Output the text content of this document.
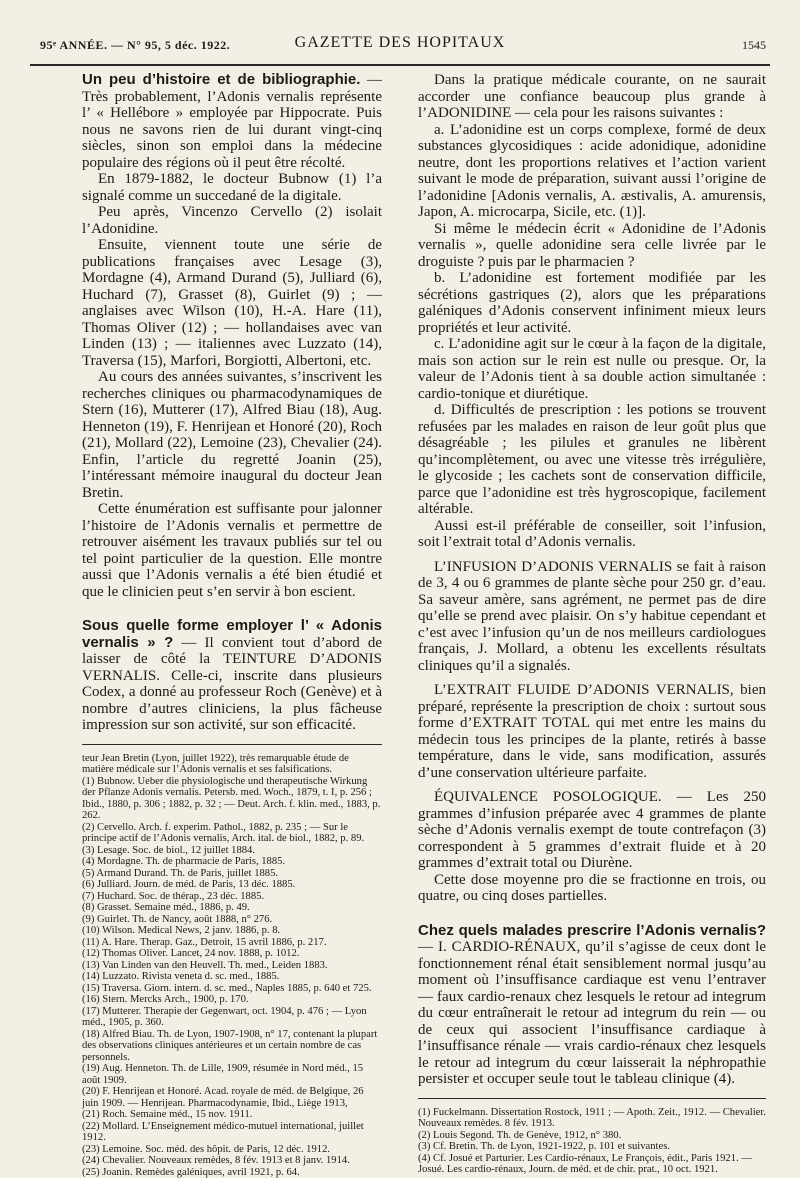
95ᵉ ANNÉE. — N° 95, 5 déc. 1922.	GAZETTE DES HOPITAUX	1545

Un peu d’histoire et de bibliographie. — Très probablement, l’Adonis vernalis représente l’ « Hellébore » employée par Hippocrate. Puis nous ne savons rien de lui durant vingt-cinq siècles, sinon son emploi dans la médecine populaire des régions où il peut être récolté.

En 1879-1882, le docteur Bubnow (1) l’a signalé comme un succedané de la digitale.

Peu après, Vincenzo Cervello (2) isolait l’Adonidine.

Ensuite, viennent toute une série de publications françaises avec Lesage (3), Mordagne (4), Armand Durand (5), Julliard (6), Huchard (7), Grasset (8), Guirlet (9) ; — anglaises avec Wilson (10), H.-A. Hare (11), Thomas Oliver (12) ; — hollandaises avec van Linden (13) ; — italiennes avec Luzzato (14), Traversa (15), Marfori, Borgiotti, Albertoni, etc.

Au cours des années suivantes, s’inscrivent les recherches cliniques ou pharmacodynamiques de Stern (16), Mutterer (17), Alfred Biau (18), Aug. Henneton (19), F. Henrijean et Honoré (20), Roch (21), Mollard (22), Lemoine (23), Chevalier (24). Enfin, l’article du regretté Joanin (25), l’intéressant mémoire inaugural du docteur Jean Bretin.

Cette énumération est suffisante pour jalonner l’histoire de l’Adonis vernalis et permettre de retrouver aisément les travaux publiés sur tel ou tel point particulier de la question. Elle montre aussi que l’Adonis vernalis a été bien étudié et que le clinicien peut s’en servir à bon escient.

Sous quelle forme employer l’ « Adonis vernalis » ? — Il convient tout d’abord de laisser de côté la TEINTURE D’ADONIS VERNALIS. Celle-ci, inscrite dans plusieurs Codex, a donné au professeur Roch (Genève) et à nombre d’autres cliniciens, la plus fâcheuse impression sur son activité, sur son efficacité.

teur Jean Bretin (Lyon, juillet 1922), très remarquable étude de matière médicale sur l’Adonis vernalis et ses falsifications.
(1) Bubnow. Ueber die physiologische und therapeutische Wirkung der Pflanze Adonis vernalis. Petersb. med. Woch., 1879, t. I, p. 256 ; Ibid., 1880, p. 306 ; 1882, p. 32 ; — Deut. Arch. f. klin. med., 1883, p. 262.
(2) Cervello. Arch. f. experim. Pathol., 1882, p. 235 ; — Sur le principe actif de l’Adonis vernalis, Arch. ital. de biol., 1882, p. 89.
(3) Lesage. Soc. de biol., 12 juillet 1884.
(4) Mordagne. Th. de pharmacie de Paris, 1885.
(5) Armand Durand. Th. de Paris, juillet 1885.
(6) Julliard. Journ. de méd. de Paris, 13 déc. 1885.
(7) Huchard. Soc. de thérap., 23 déc. 1885.
(8) Grasset. Semaine méd., 1886, p. 49.
(9) Guirlet. Th. de Nancy, août 1888, n° 276.
(10) Wilson. Medical News, 2 janv. 1886, p. 8.
(11) A. Hare. Therap. Gaz., Detroit, 15 avril 1886, p. 217.
(12) Thomas Oliver. Lancet, 24 nov. 1888, p. 1012.
(13) Van Linden van den Heuvell. Th. med., Leiden 1883.
(14) Luzzato. Rivista veneta d. sc. med., 1885.
(15) Traversa. Giorn. intern. d. sc. med., Naples 1885, p. 640 et 725.
(16) Stern. Mercks Arch., 1900, p. 170.
(17) Mutterer. Therapie der Gegenwart, oct. 1904, p. 476 ; — Lyon méd., 1905, p. 360.
(18) Alfred Biau. Th. de Lyon, 1907-1908, n° 17, contenant la plupart des observations cliniques antérieures et un certain nombre de cas personnels.
(19) Aug. Henneton. Th. de Lille, 1909, résumée in Nord méd., 15 août 1909.
(20) F. Henrijean et Honoré. Acad. royale de méd. de Belgique, 26 juin 1909. — Henrijean. Pharmacodynamie, Ibid., Liège 1913,
(21) Roch. Semaine méd., 15 nov. 1911.
(22) Mollard. L’Enseignement médico-mutuel international, juillet 1912.
(23) Lemoine. Soc. méd. des hôpit. de Paris, 12 déc. 1912.
(24) Chevalier. Nouveaux remèdes, 8 fév. 1913 et 8 janv. 1914.
(25) Joanin. Remèdes galéniques, avril 1921, p. 64.

Dans la pratique médicale courante, on ne saurait accorder une confiance beaucoup plus grande à l’ADONIDINE — cela pour les raisons suivantes :

a. L’adonidine est un corps complexe, formé de deux substances glycosidiques : acide adonidique, adonidine neutre, dont les proportions relatives et l’action varient suivant le mode de préparation, suivant aussi l’origine de l’adonidine [Adonis vernalis, A. æstivalis, A. amurensis, Japon, A. microcarpa, Sicile, etc. (1)].

Si même le médecin écrit « Adonidine de l’Adonis vernalis », quelle adonidine sera celle livrée par le droguiste ? puis par le pharmacien ?

b. L’adonidine est fortement modifiée par les sécrétions gastriques (2), alors que les préparations galéniques d’Adonis conservent infiniment mieux leurs propriétés et leur activité.

c. L’adonidine agit sur le cœur à la façon de la digitale, mais son action sur le rein est nulle ou presque. Or, la valeur de l’Adonis tient à sa double action simultanée : cardio-tonique et diurétique.

d. Difficultés de prescription : les potions se trouvent refusées par les malades en raison de leur goût plus que désagréable ; les pilules et granules ne libèrent qu’incomplètement, ou avec une vitesse très irrégulière, le glycoside ; les cachets sont de conservation difficile, parce que l’adonidine est très hygroscopique, facilement altérable.

Aussi est-il préférable de conseiller, soit l’infusion, soit l’extrait total d’Adonis vernalis.

L’INFUSION D’ADONIS VERNALIS se fait à raison de 3, 4 ou 6 grammes de plante sèche pour 250 gr. d’eau. Sa saveur amère, sans agrément, ne permet pas de dire qu’elle se prend avec plaisir. On s’y habitue cependant et c’est avec l’infusion qu’un de nos meilleurs cardiologues français, J. Mollard, a obtenu les excellents résultats cliniques qu’il a signalés.

L’EXTRAIT FLUIDE D’ADONIS VERNALIS, bien préparé, représente la prescription de choix : surtout sous forme d’EXTRAIT TOTAL qui met entre les mains du médecin tous les principes de la plante, retirés à basse température, dans le vide, sans modification, assurés d’une conservation ultérieure parfaite.

ÉQUIVALENCE POSOLOGIQUE. — Les 250 grammes d’infusion préparée avec 4 grammes de plante sèche d’Adonis vernalis exempt de toute contrefaçon (3) correspondent à 5 grammes d’extrait fluide et à 20 grammes d’extrait total ou Diurène.

Cette dose moyenne pro die se fractionne en trois, ou quatre, ou cinq doses partielles.

Chez quels malades prescrire l’Adonis vernalis? — I. CARDIO-RÉNAUX, qu’il s’agisse de ceux dont le fonctionnement rénal était sensiblement normal jusqu’au moment où l’insuffisance cardiaque est venu l’entraver — faux cardio-renaux chez lesquels le retour ad integrum du cœur entraînerait le retour ad integrum du rein — ou de ceux qui associent l’insuffisance cardiaque à l’insuffisance rénale — vrais cardio-rénaux chez lesquels le retour ad integrum du cœur laisserait la néphropathie persister et occuper seule tout le tableau clinique (4).

(1) Fuckelmann. Dissertation Rostock, 1911 ; — Apoth. Zeit., 1912. — Chevalier. Nouveaux remèdes. 8 fév. 1913.
(2) Louis Segond. Th. de Genève, 1912, n° 380.
(3) Cf. Bretin. Th. de Lyon, 1921-1922, p. 101 et suivantes.
(4) Cf. Josué et Parturier. Les Cardio-rénaux, Le François, édit., Paris 1921. — Josué. Les cardio-rénaux, Journ. de méd. et de chir. prat., 10 oct. 1921.
